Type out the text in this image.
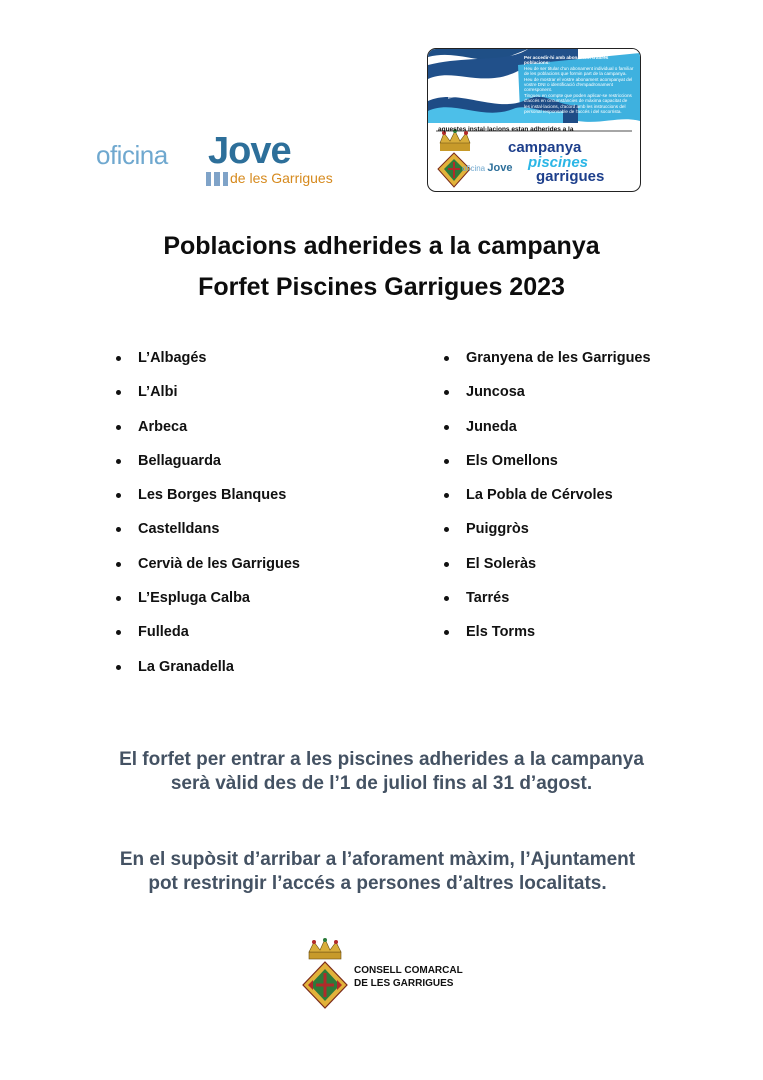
oficina Jove
de les Garrigues
Per accedir-hi amb abonament d'altres poblacions:
Heu de ser titular d'un abonament individual o familiar de les poblacions que formin part de la campanya.
Heu de mostrar el vostre abonament acompanyat del vostre DNI o identificació d'empadronament corresponent.
Tingueu en compte que poden aplicar-se restriccions d'accés en circumstàncies de màxima capacitat de les instal·lacions, d'acord amb les instruccions del personal responsable de l'accés i del socorrista.
aquestes instal·lacions estan adherides a la
oficina Jove
campanya
piscines
garrigues
Poblacions adherides a la campanya
Forfet Piscines Garrigues 2023
L’Albagés
L’Albi
Arbeca
Bellaguarda
Les Borges Blanques
Castelldans
Cervià de les Garrigues
L’Espluga Calba
Fulleda
La Granadella
Granyena de les Garrigues
Juncosa
Juneda
Els Omellons
La Pobla de Cérvoles
Puiggròs
El Soleràs
Tarrés
Els Torms

El forfet per entrar a les piscines adherides a la campanya
serà vàlid des de l’1 de juliol fins al 31 d’agost.

En el supòsit d’arribar a l’aforament màxim, l’Ajuntament
pot restringir l’accés a persones d’altres localitats.

CONSELL COMARCAL
DE LES GARRIGUES
